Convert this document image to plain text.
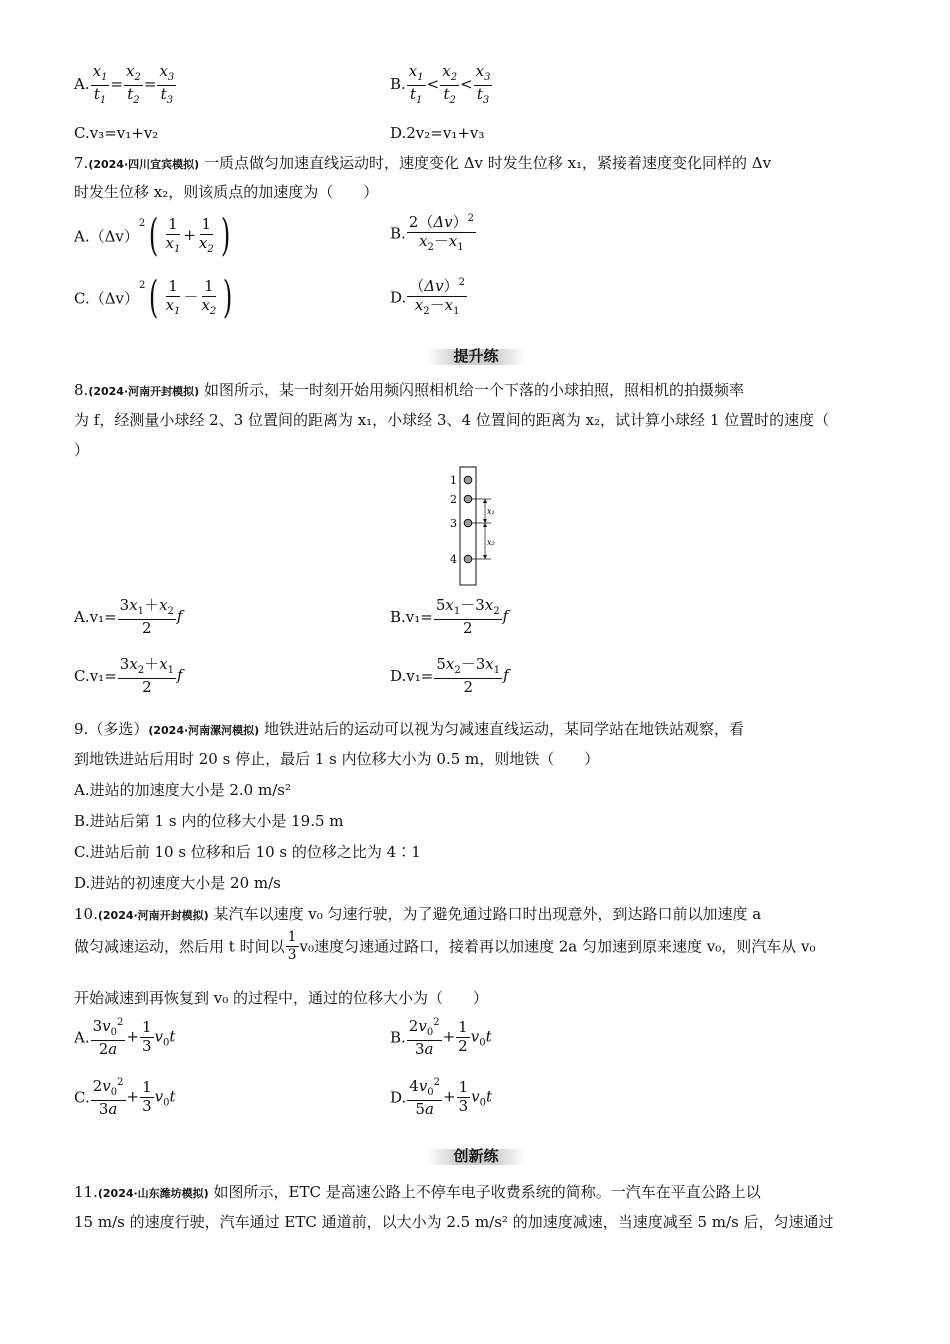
A. $\frac{x_1}{t_1} = \frac{x_2}{t_2} = \frac{x_3}{t_3}$	B. $\frac{x_1}{t_1} < \frac{x_2}{t_2} < \frac{x_3}{t_3}$
C.v₃=v₁+v₂	D.2v₂=v₁+v₃
7.(2024·四川宜宾模拟) 一质点做匀加速直线运动时，速度变化 Δv 时发生位移 x₁，紧接着速度变化同样的 Δv
时发生位移 x₂，则该质点的加速度为（　　）
$A.(\Delta v)^2( \frac{1}{x_1} + \frac{1}{x_2}$ )	B. $\frac{2(\Delta v)^2}{x_2-x_1}$
$C.(\Delta v)^2( \frac{1}{x_1} - \frac{1}{x_2}$ )	D. $\frac{(\Delta v)^2}{x_2-x_1}$
提升练
8.(2024·河南开封模拟) 如图所示，某一时刻开始用频闪照相机给一个下落的小球拍照，照相机的拍摄频率
为 f，经测量小球经 2、3 位置间的距离为 x₁，小球经 3、4 位置间的距离为 x₂，试计算小球经 1 位置时的速度（
）
1
2
3
4
x₁
x₂
$A.v_1= \frac{3x_1+x_2}{2}$ f	$B.v_1= \frac{5x_1-3x_2}{2}$ f
$C.v_1= \frac{3x_2+x_1}{2}$ f	$D.v_1= \frac{5x_2-3x_1}{2}$ f
9.（多选）(2024·河南漯河模拟) 地铁进站后的运动可以视为匀减速直线运动，某同学站在地铁站观察，看
到地铁进站后用时 20 s 停止，最后 1 s 内位移大小为 0.5 m，则地铁（　　）
A.进站的加速度大小是 2.0 m/s²
B.进站后第 1 s 内的位移大小是 19.5 m
C.进站后前 10 s 位移和后 10 s 的位移之比为 4∶1
D.进站的初速度大小是 20 m/s
10.(2024·河南开封模拟) 某汽车以速度 v₀ 匀速行驶，为了避免通过路口时出现意外，到达路口前以加速度 a
做匀减速运动，然后用 t 时间以 $\frac{1}{3} v_0$速度匀速通过路口，接着再以加速度 2a 匀加速到原来速度 v₀，则汽车从 v₀
开始减速到再恢复到 v₀ 的过程中，通过的位移大小为（　　）
A. $\frac{3v_0^2}{2a} + \frac{1}{3} v_0t$	B. $\frac{2v_0^2}{3a} + \frac{1}{2} v_0t$
C. $\frac{2v_0^2}{3a} + \frac{1}{3} v_0t$	D. $\frac{4v_0^2}{5a} + \frac{1}{3} v_0t$
创新练
11.(2024·山东潍坊模拟) 如图所示，ETC 是高速公路上不停车电子收费系统的简称。一汽车在平直公路上以
15 m/s 的速度行驶，汽车通过 ETC 通道前，以大小为 2.5 m/s² 的加速度减速，当速度减至 5 m/s 后，匀速通过
